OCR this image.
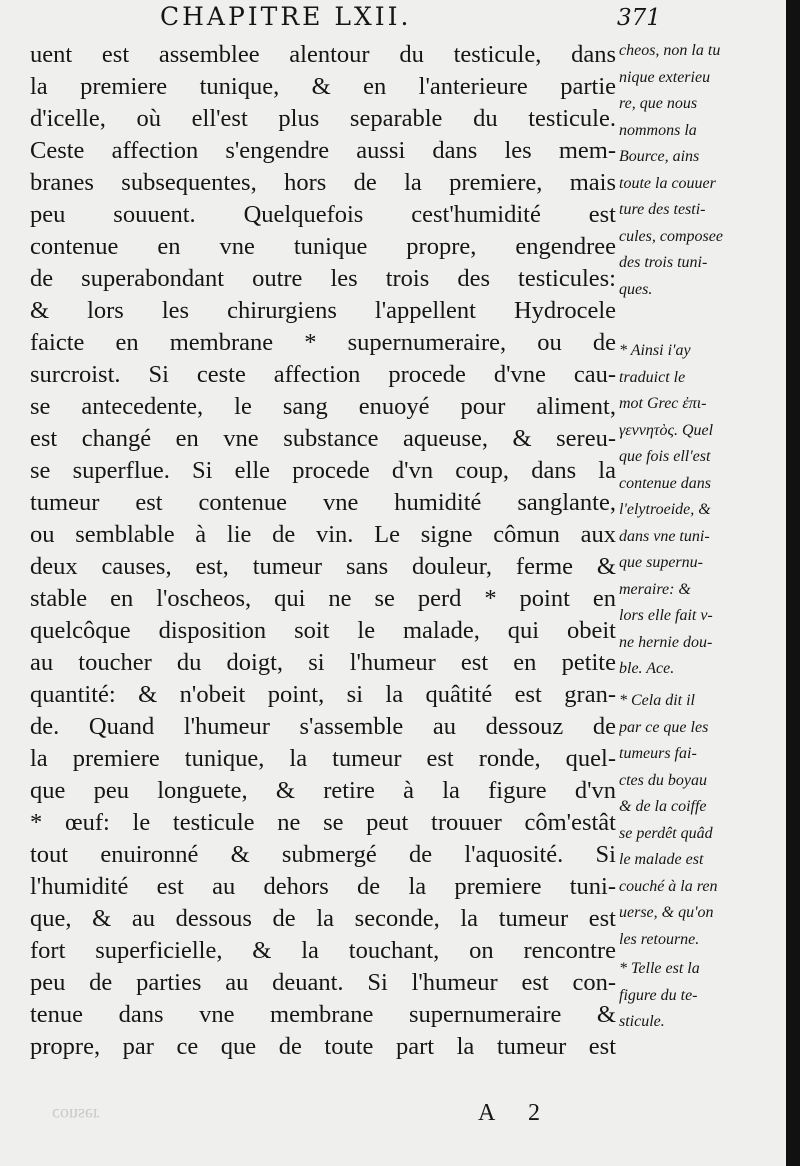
CHAPITRE LXII.	371
uent est assemblee alentour du testicule, dans
la premiere tunique, & en l'anterieure partie
d'icelle, où ell'est plus separable du testicule.
Ceste affection s'engendre aussi dans les mem-
branes subsequentes, hors de la premiere, mais
peu souuent. Quelquefois cest'humidité est
contenue en vne tunique propre, engendree
de superabondant outre les trois des testicules:
& lors les chirurgiens l'appellent Hydrocele
faicte en membrane * supernumeraire, ou de
surcroist. Si ceste affection procede d'vne cau-
se antecedente, le sang enuoyé pour aliment,
est changé en vne substance aqueuse, & sereu-
se superflue. Si elle procede d'vn coup, dans la
tumeur est contenue vne humidité sanglante,
ou semblable à lie de vin. Le signe cômun aux
deux causes, est, tumeur sans douleur, ferme &
stable en l'oscheos, qui ne se perd * point en
quelcôque disposition soit le malade, qui obeit
au toucher du doigt, si l'humeur est en petite
quantité: & n'obeit point, si la quâtité est gran-
de. Quand l'humeur s'assemble au dessouz de
la premiere tunique, la tumeur est ronde, quel-
que peu longuete, & retire à la figure d'vn
* œuf: le testicule ne se peut trouuer côm'estât
tout enuironné & submergé de l'aquosité. Si
l'humidité est au dehors de la premiere tuni-
que, & au dessous de la seconde, la tumeur est
fort superficielle, & la touchant, on rencontre
peu de parties au deuant. Si l'humeur est con-
tenue dans vne membrane supernumeraire &
propre, par ce que de toute part la tumeur est
cheos, non la tu
nique exterieu
re, que nous
nommons la
Bource, ains
toute la couuer
ture des testi-
cules, composee
des trois tuni-
ques.
* Ainsi i'ay
traduict le
mot Grec ἐπι-
γεννητὸς. Quel
que fois ell'est
contenue dans
l'elytroeide, &
dans vne tuni-
que supernu-
meraire: &
lors elle fait v-
ne hernie dou-
ble. Ace.
* Cela dit il
par ce que les
tumeurs fai-
ctes du boyau
& de la coiffe
se perdêt quâd
le malade est
couché à la ren
uerse, & qu'on
les retourne.
* Telle est la
figure du te-
sticule.
A 2
conser
